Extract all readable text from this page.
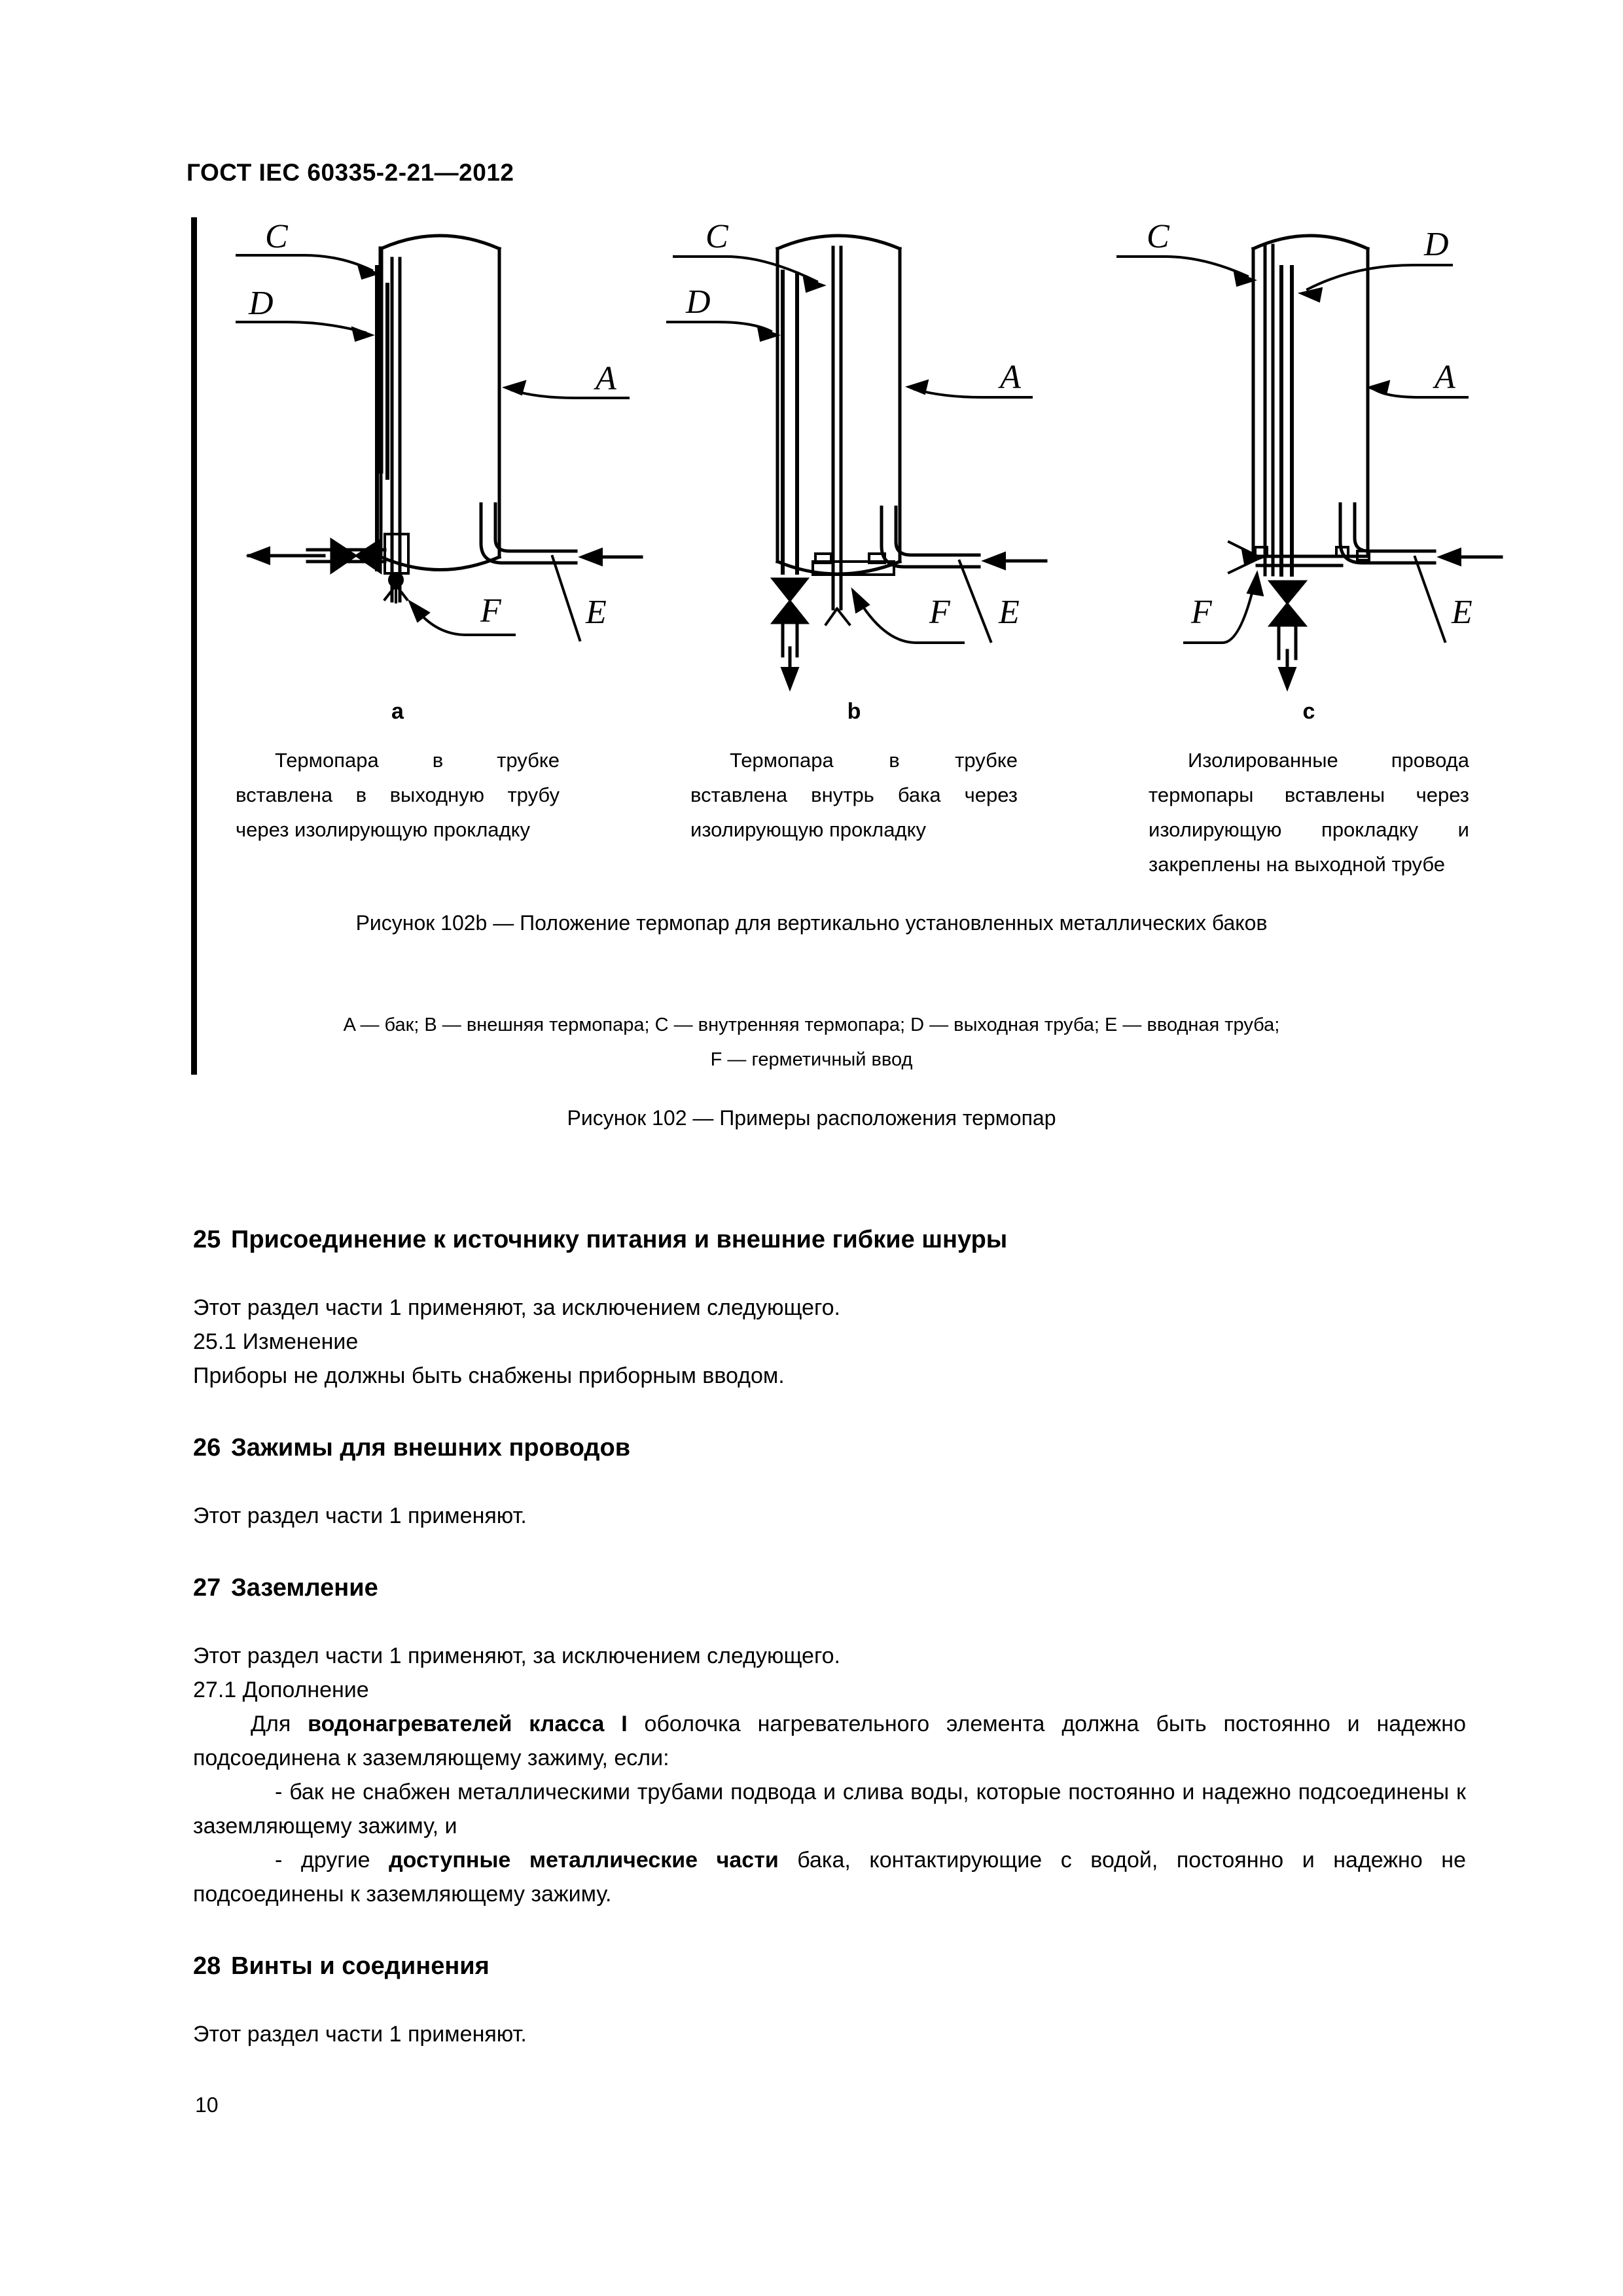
ГОСТ IEC 60335-2-21—2012
C
D
A
F E
C
D
A
F E
C	D
A
F	E
a
Термопара в трубке вставлена в выходную трубу через изолирующую прокладку
b
Термопара в трубке вставлена внутрь бака через изолирующую прокладку
c
Изолированные провода термопары вставлены через изолирующую прокладку и закреплены на выходной трубе
Рисунок 102b — Положение термопар для вертикально установленных металлических баков
A — бак; B — внешняя термопара; C — внутренняя термопара; D — выходная труба; E — вводная труба;
F — герметичный ввод
Рисунок 102 — Примеры расположения термопар
25 Присоединение к источнику питания и внешние гибкие шнуры

Этот раздел части 1 применяют, за исключением следующего.

25.1 Изменение

Приборы не должны быть снабжены приборным вводом.

26 Зажимы для внешних проводов

Этот раздел части 1 применяют.

27 Заземление

Этот раздел части 1 применяют, за исключением следующего.

27.1 Дополнение

Для водонагревателей класса I оболочка нагревательного элемента должна быть постоянно и надежно подсоединена к заземляющему зажиму, если:

- бак не снабжен металлическими трубами подвода и слива воды, которые постоянно и надежно подсоединены к заземляющему зажиму, и

- другие доступные металлические части бака, контактирующие с водой, постоянно и надежно не подсоединены к заземляющему зажиму.

28 Винты и соединения

Этот раздел части 1 применяют.

10
